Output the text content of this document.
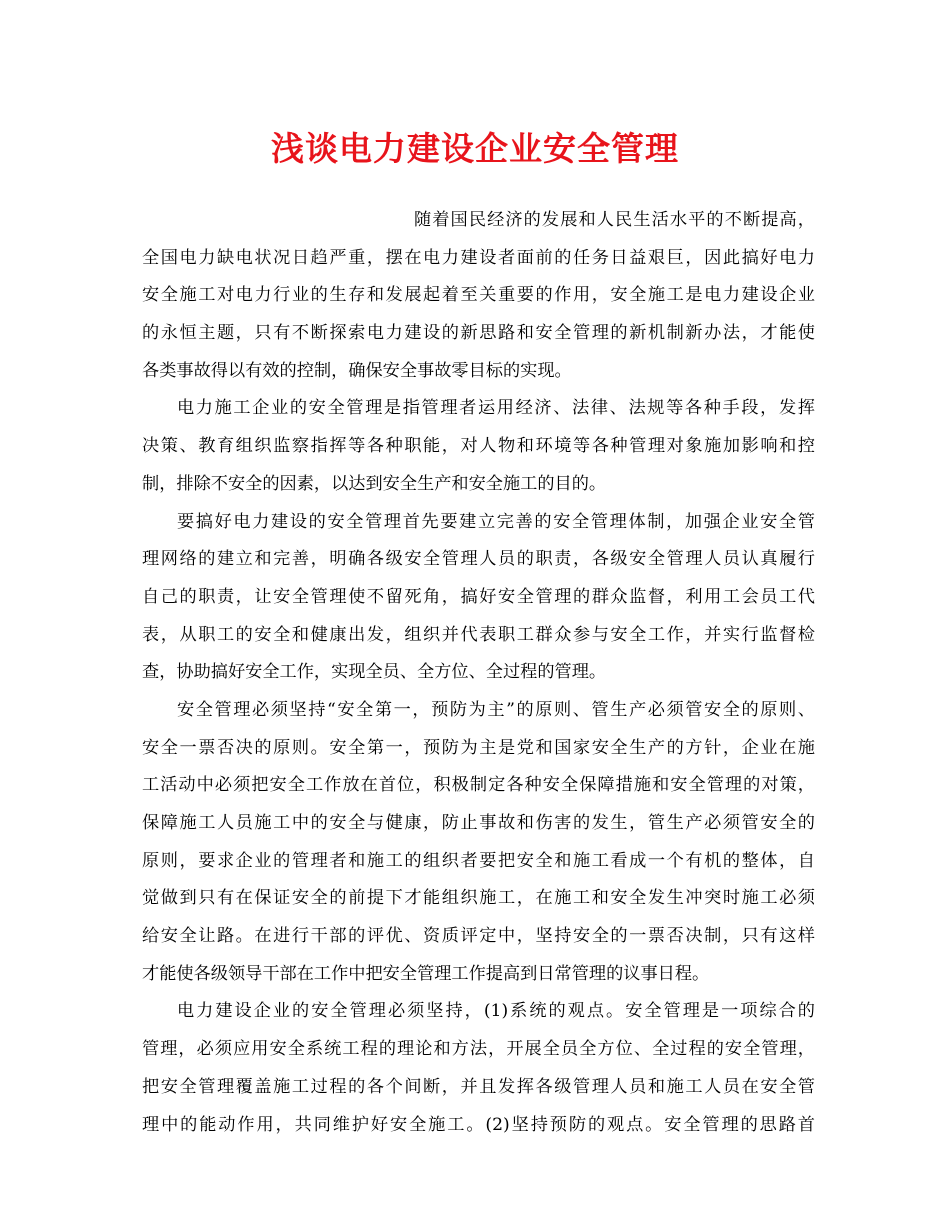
浅谈电力建设企业安全管理
随着国民经济的发展和人民生活水平的不断提高，
全国电力缺电状况日趋严重，摆在电力建设者面前的任务日益艰巨，因此搞好电力
安全施工对电力行业的生存和发展起着至关重要的作用，安全施工是电力建设企业
的永恒主题，只有不断探索电力建设的新思路和安全管理的新机制新办法，才能使
各类事故得以有效的控制，确保安全事故零目标的实现。
电力施工企业的安全管理是指管理者运用经济、法律、法规等各种手段，发挥
决策、教育组织监察指挥等各种职能，对人物和环境等各种管理对象施加影响和控
制，排除不安全的因素，以达到安全生产和安全施工的目的。
要搞好电力建设的安全管理首先要建立完善的安全管理体制，加强企业安全管
理网络的建立和完善，明确各级安全管理人员的职责，各级安全管理人员认真履行
自己的职责，让安全管理使不留死角，搞好安全管理的群众监督，利用工会员工代
表，从职工的安全和健康出发，组织并代表职工群众参与安全工作，并实行监督检
查，协助搞好安全工作，实现全员、全方位、全过程的管理。
安全管理必须坚持“安全第一，预防为主”的原则、管生产必须管安全的原则、
安全一票否决的原则。安全第一，预防为主是党和国家安全生产的方针，企业在施
工活动中必须把安全工作放在首位，积极制定各种安全保障措施和安全管理的对策，
保障施工人员施工中的安全与健康，防止事故和伤害的发生，管生产必须管安全的
原则，要求企业的管理者和施工的组织者要把安全和施工看成一个有机的整体，自
觉做到只有在保证安全的前提下才能组织施工，在施工和安全发生冲突时施工必须
给安全让路。在进行干部的评优、资质评定中，坚持安全的一票否决制，只有这样
才能使各级领导干部在工作中把安全管理工作提高到日常管理的议事日程。
电力建设企业的安全管理必须坚持，(1)系统的观点。安全管理是一项综合的
管理，必须应用安全系统工程的理论和方法，开展全员全方位、全过程的安全管理，
把安全管理覆盖施工过程的各个间断，并且发挥各级管理人员和施工人员在安全管
理中的能动作用，共同维护好安全施工。(2)坚持预防的观点。安全管理的思路首
